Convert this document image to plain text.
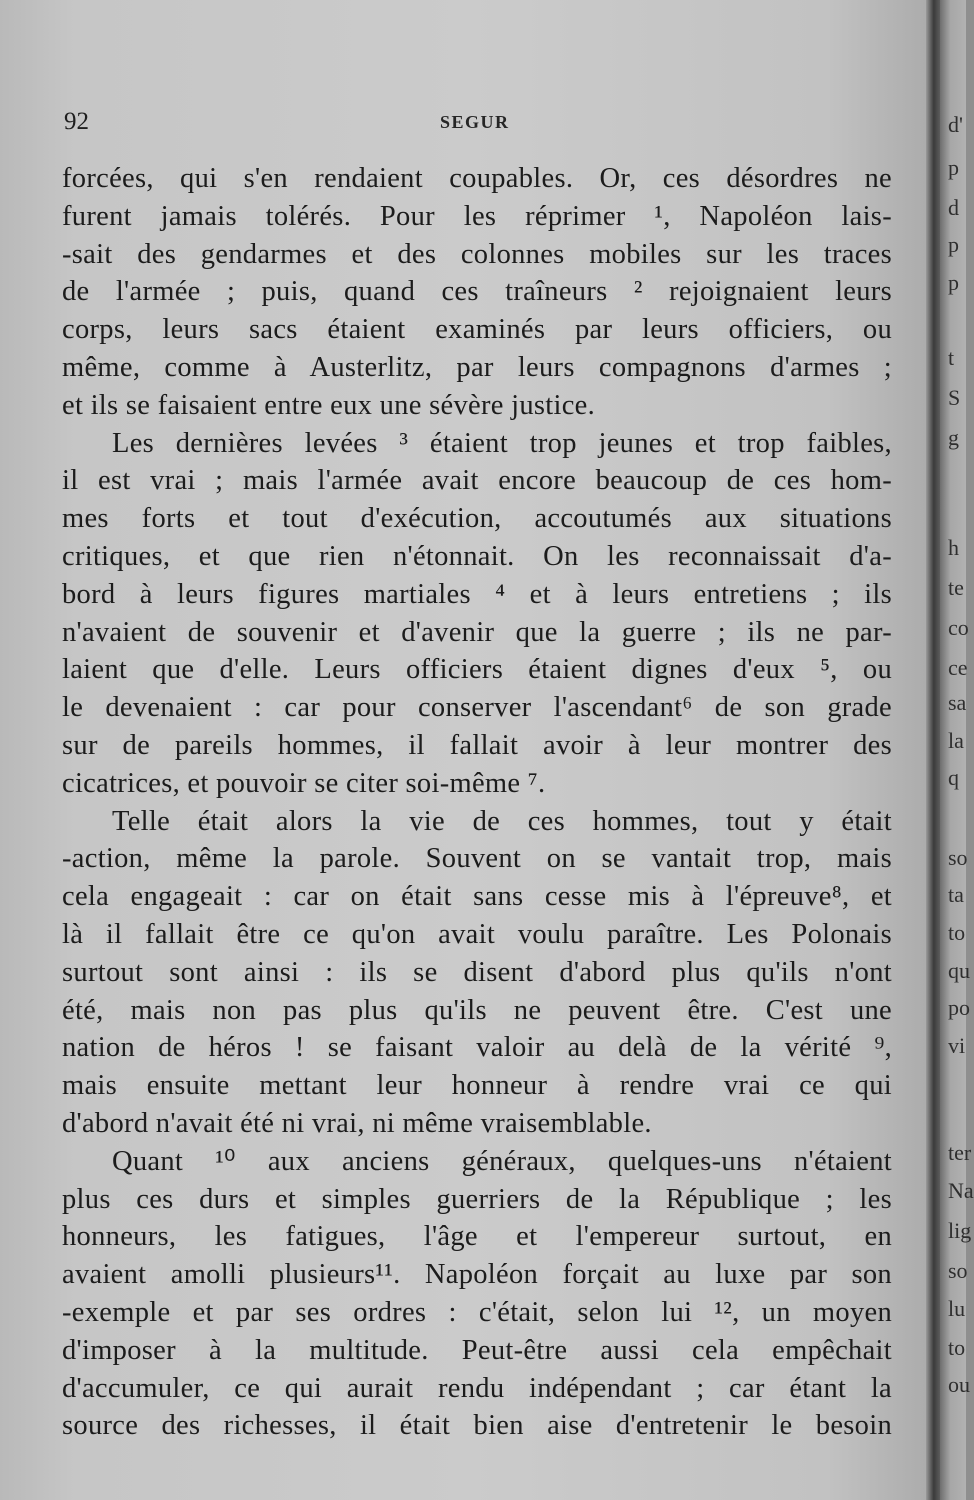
92	SEGUR
forcées, qui s'en rendaient coupables. Or, ces désordres ne
furent jamais tolérés. Pour les réprimer ¹, Napoléon lais-
-sait des gendarmes et des colonnes mobiles sur les traces
de l'armée ; puis, quand ces traîneurs ² rejoignaient leurs
corps, leurs sacs étaient examinés par leurs officiers, ou
même, comme à Austerlitz, par leurs compagnons d'armes ;
et ils se faisaient entre eux une sévère justice.
Les dernières levées ³ étaient trop jeunes et trop faibles,
il est vrai ; mais l'armée avait encore beaucoup de ces hom-
mes forts et tout d'exécution, accoutumés aux situations
critiques, et que rien n'étonnait. On les reconnaissait d'a-
bord à leurs figures martiales ⁴ et à leurs entretiens ; ils
n'avaient de souvenir et d'avenir que la guerre ; ils ne par-
laient que d'elle. Leurs officiers étaient dignes d'eux ⁵, ou
le devenaient : car pour conserver l'ascendant⁶ de son grade
sur de pareils hommes, il fallait avoir à leur montrer des
cicatrices, et pouvoir se citer soi-même ⁷.
Telle était alors la vie de ces hommes, tout y était
-action, même la parole. Souvent on se vantait trop, mais
cela engageait : car on était sans cesse mis à l'épreuve⁸, et
là il fallait être ce qu'on avait voulu paraître. Les Polonais
surtout sont ainsi : ils se disent d'abord plus qu'ils n'ont
été, mais non pas plus qu'ils ne peuvent être. C'est une
nation de héros ! se faisant valoir au delà de la vérité ⁹,
mais ensuite mettant leur honneur à rendre vrai ce qui
d'abord n'avait été ni vrai, ni même vraisemblable.
Quant ¹⁰ aux anciens généraux, quelques-uns n'étaient
plus ces durs et simples guerriers de la République ; les
honneurs, les fatigues, l'âge et l'empereur surtout, en
avaient amolli plusieurs¹¹. Napoléon forçait au luxe par son
-exemple et par ses ordres : c'était, selon lui ¹², un moyen
d'imposer à la multitude. Peut-être aussi cela empêchait
d'accumuler, ce qui aurait rendu indépendant ; car étant la
source des richesses, il était bien aise d'entretenir le besoin
d'
p
d
p
p
t
S
g
h
te
co
ce
sa
la
q
so
ta
to
qu
po
vi
ter
Na
lig
so
lu
to
ou
